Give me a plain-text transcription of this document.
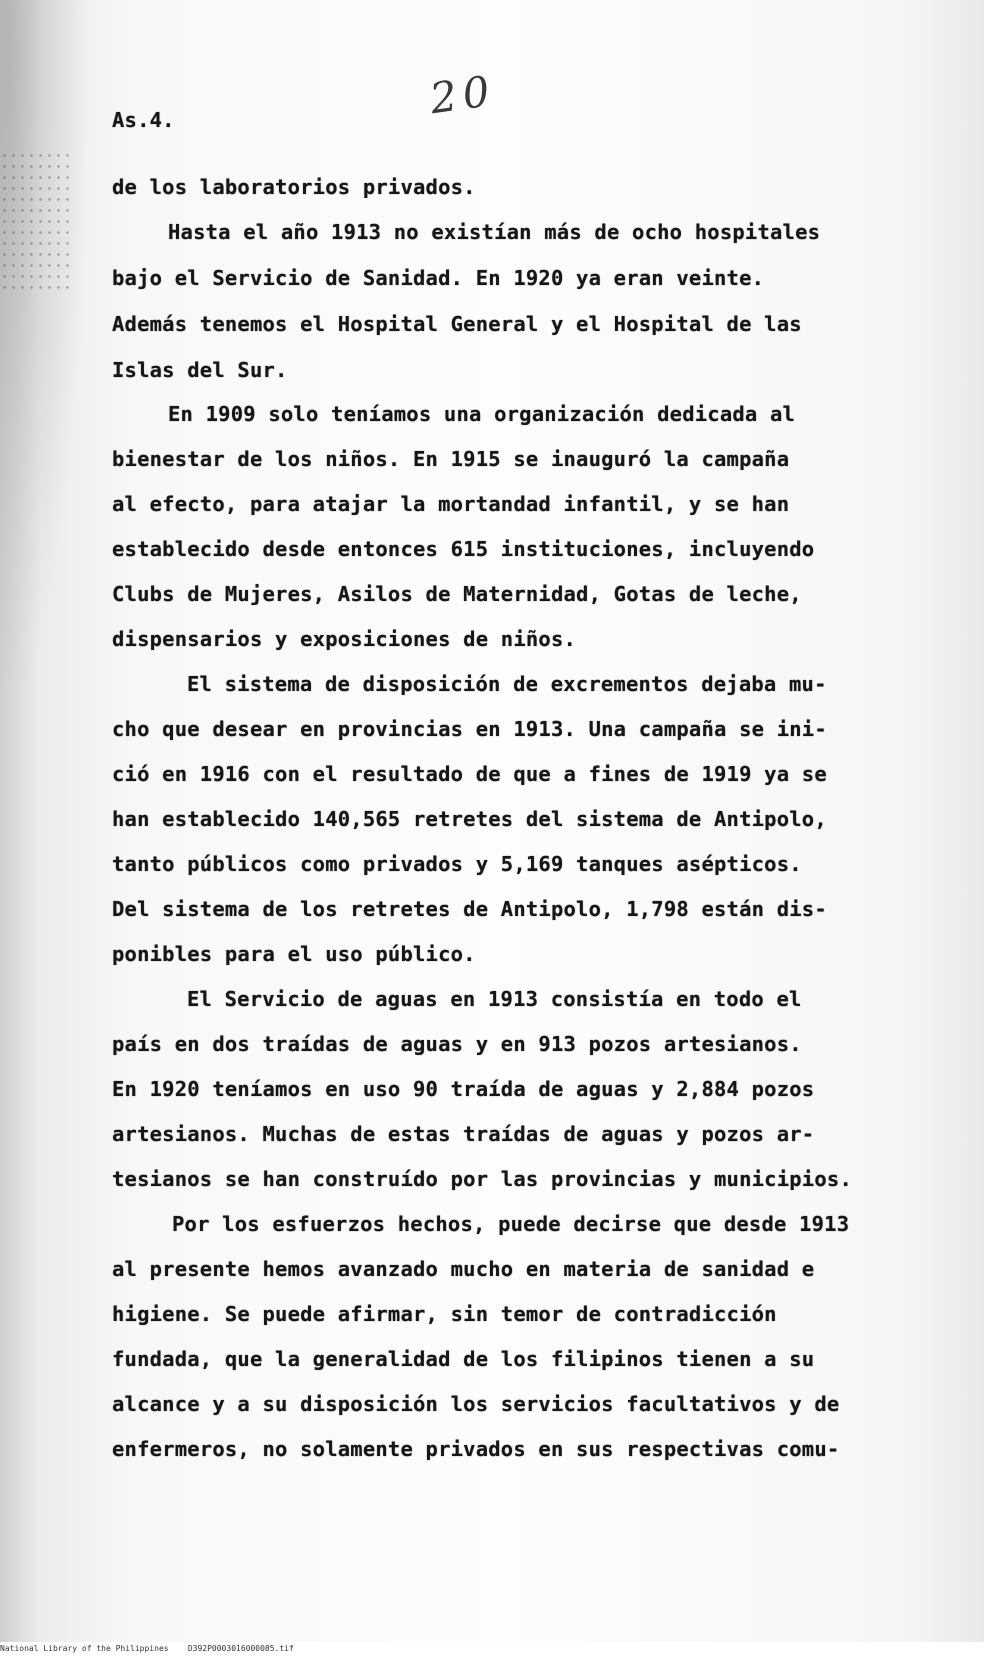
20
As.4.
de los laboratorios privados.
Hasta el año 1913 no existían más de ocho hospitales
bajo el Servicio de Sanidad. En 1920 ya eran veinte.
Además tenemos el Hospital General y el Hospital de las
Islas del Sur.
En 1909 solo teníamos una organización dedicada al
bienestar de los niños. En 1915 se inauguró la campaña
al efecto, para atajar la mortandad infantil, y se han
establecido desde entonces 615 instituciones, incluyendo
Clubs de Mujeres, Asilos de Maternidad, Gotas de leche,
dispensarios y exposiciones de niños.
El sistema de disposición de excrementos dejaba mu-
cho que desear en provincias en 1913. Una campaña se ini-
ció en 1916 con el resultado de que a fines de 1919 ya se
han establecido 140,565 retretes del sistema de Antipolo,
tanto públicos como privados y 5,169 tanques asépticos.
Del sistema de los retretes de Antipolo, 1,798 están dis-
ponibles para el uso público.
El Servicio de aguas en 1913 consistía en todo el
país en dos traídas de aguas y en 913 pozos artesianos.
En 1920 teníamos en uso 90 traída de aguas y 2,884 pozos
artesianos. Muchas de estas traídas de aguas y pozos ar-
tesianos se han construído por las provincias y municipios.
Por los esfuerzos hechos, puede decirse que desde 1913
al presente hemos avanzado mucho en materia de sanidad e
higiene. Se puede afirmar, sin temor de contradicción
fundada, que la generalidad de los filipinos tienen a su
alcance y a su disposición los servicios facultativos y de
enfermeros, no solamente privados en sus respectivas comu-
National Library of the Philippines    D392P0003016000085.tif
